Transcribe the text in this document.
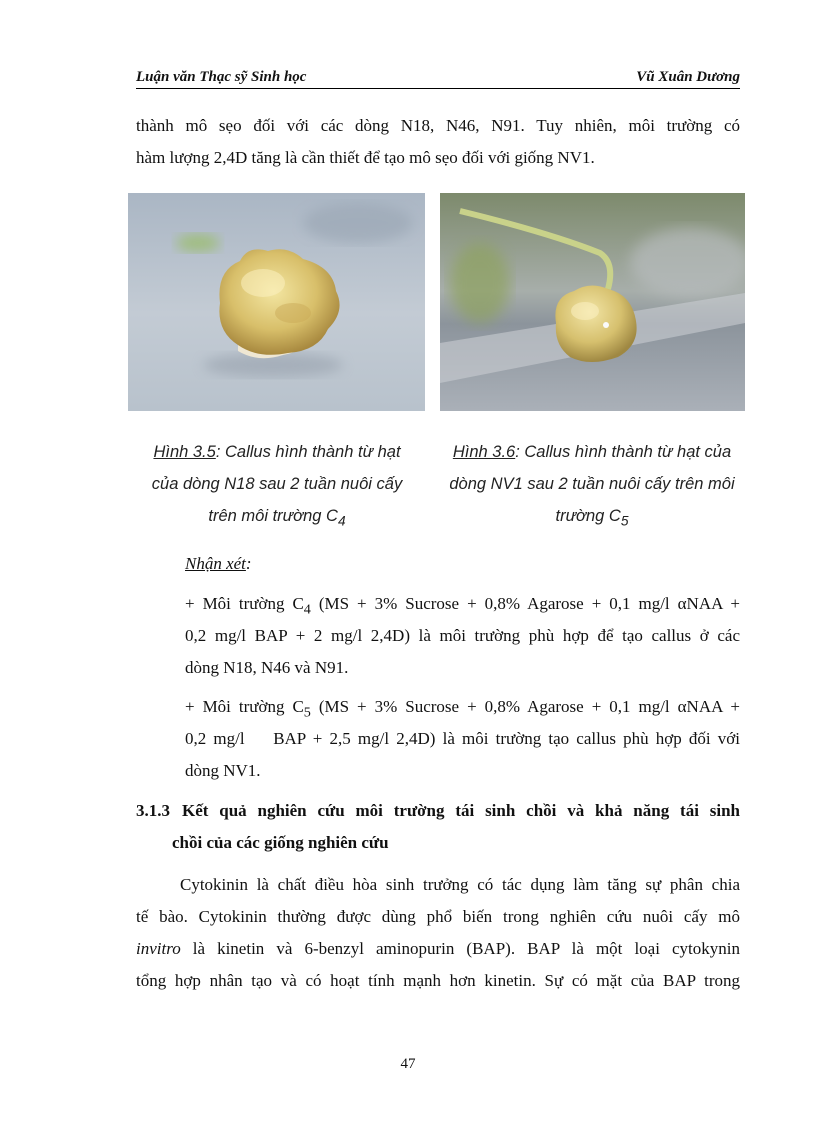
Luận văn Thạc sỹ Sinh học	Vũ Xuân Dương
thành mô sẹo đối với các dòng N18, N46, N91. Tuy nhiên, môi trường có
hàm lượng 2,4D tăng là cần thiết để tạo mô sẹo đối với giống NV1.
Hình 3.5: Callus hình thành từ hạt
của dòng N18 sau 2 tuần nuôi cấy
trên môi trường $C_4$
Hình 3.6: Callus hình thành từ hạt của
dòng NV1 sau 2 tuần nuôi cấy trên môi
trường $C_5$
Nhận xét:
+ Môi trường $C_4$ (MS + 3% Sucrose + 0,8% Agarose + 0,1 mg/l αNAA +
0,2 mg/l BAP + 2 mg/l 2,4D) là môi trường phù hợp để tạo callus ở các
dòng N18, N46 và N91.
+ Môi trường $C_5$ (MS + 3% Sucrose + 0,8% Agarose + 0,1 mg/l αNAA +
0,2 mg/l    BAP + 2,5 mg/l 2,4D) là môi trường tạo callus phù hợp đối với
dòng NV1.
3.1.3 Kết quả nghiên cứu môi trường tái sinh chồi và khả năng tái sinh
chồi của các giống nghiên cứu
Cytokinin là chất điều hòa sinh trưởng có tác dụng làm tăng sự phân chia
tế bào. Cytokinin thường được dùng phổ biến trong nghiên cứu nuôi cấy mô
invitro là kinetin và 6-benzyl aminopurin (BAP). BAP là một loại cytokynin
tổng hợp nhân tạo và có hoạt tính mạnh hơn kinetin. Sự có mặt của BAP trong
47
